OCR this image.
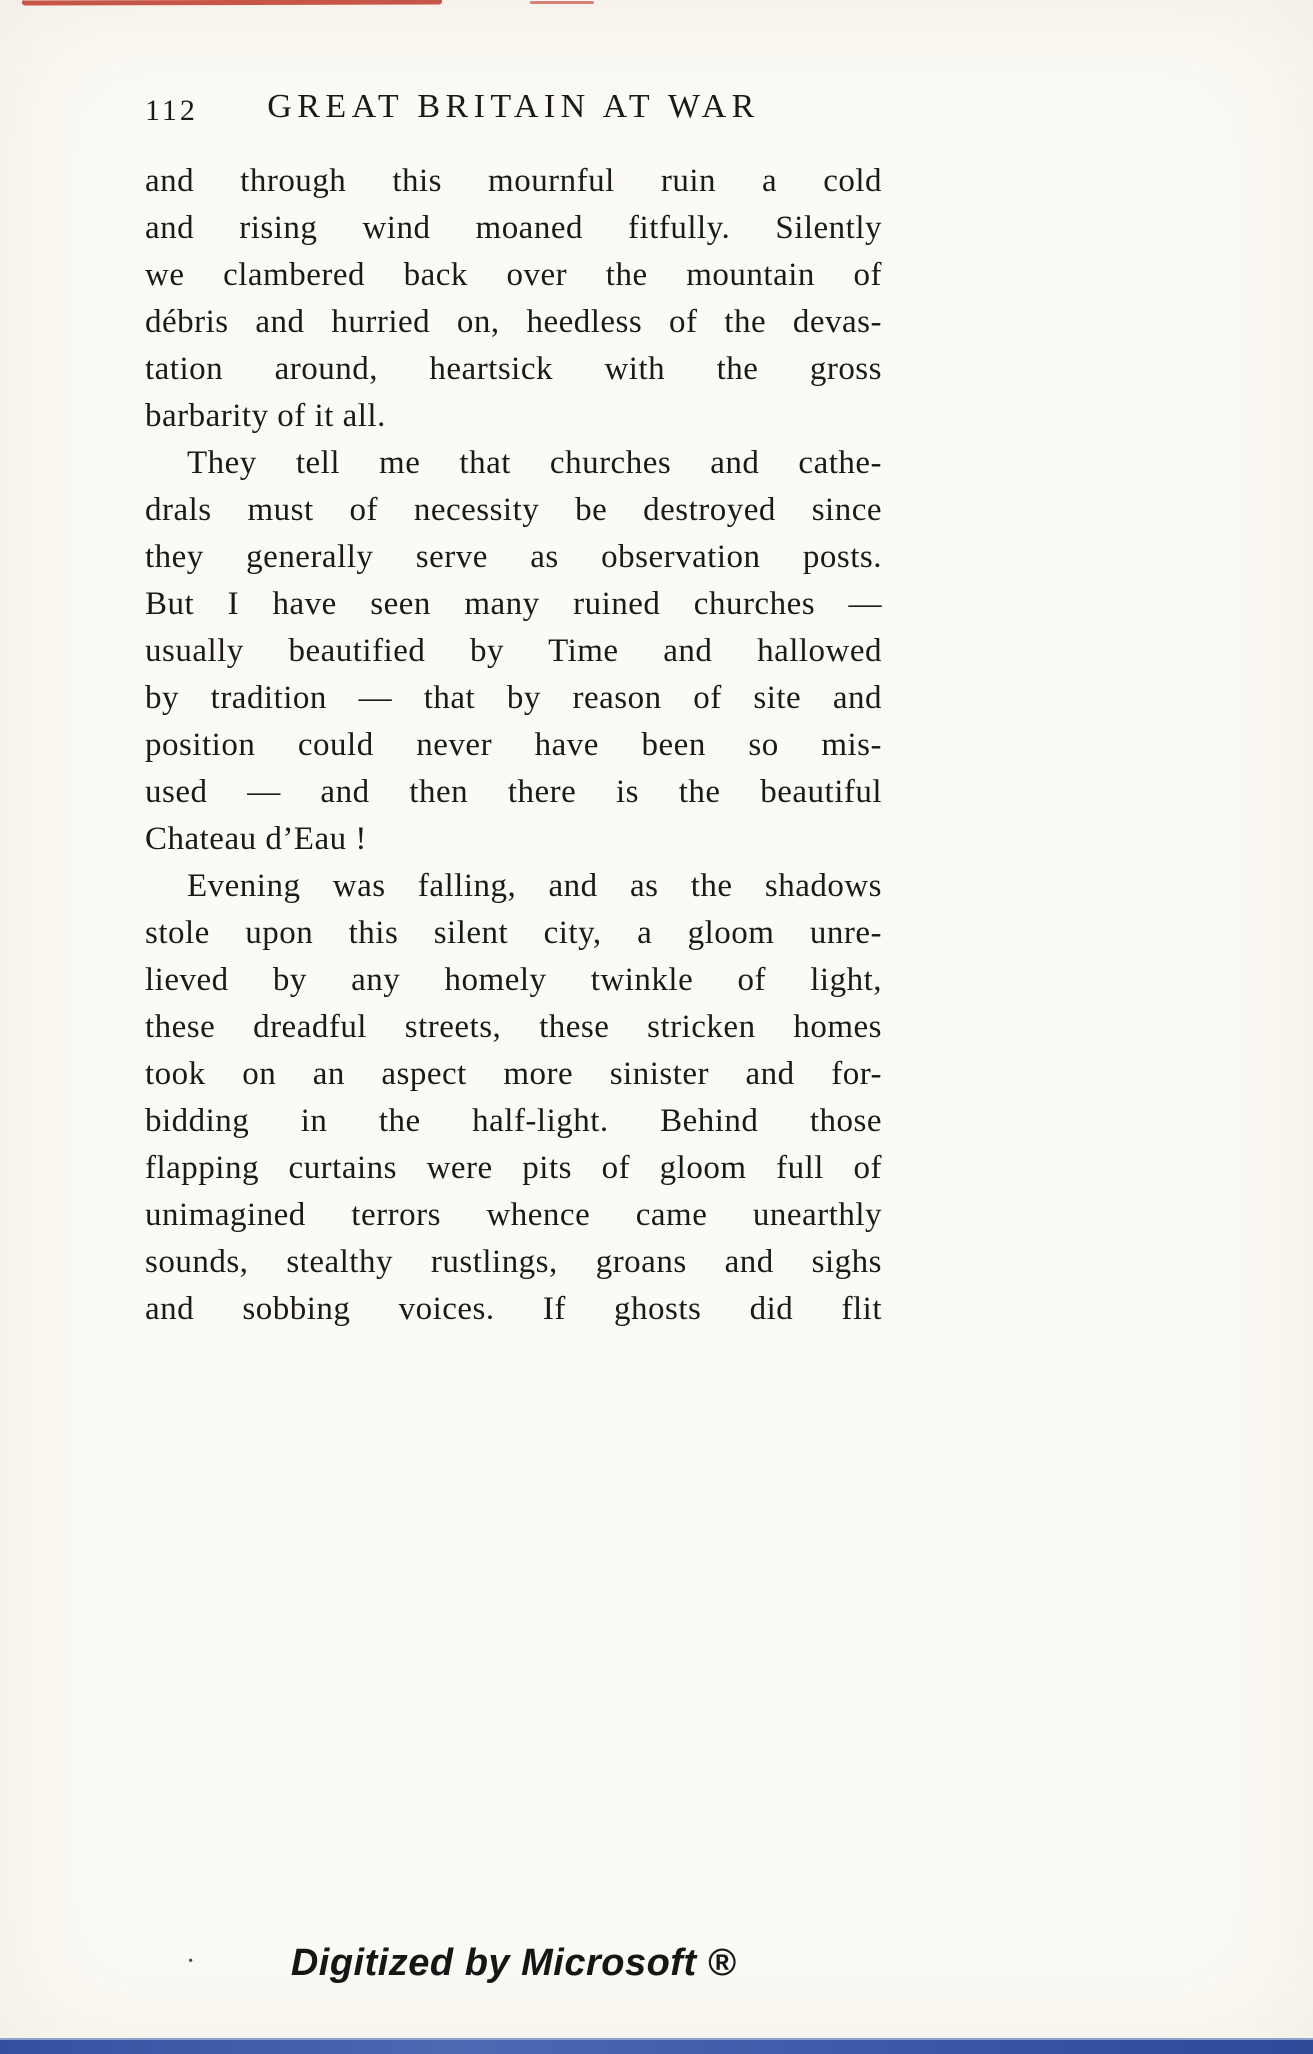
112 GREAT BRITAIN AT WAR
and through this mournful ruin a cold
and rising wind moaned fitfully. Silently
we clambered back over the mountain of
débris and hurried on, heedless of the devas-
tation around, heartsick with the gross
barbarity of it all.
They tell me that churches and cathe-
drals must of necessity be destroyed since
they generally serve as observation posts.
But I have seen many ruined churches —
usually beautified by Time and hallowed
by tradition — that by reason of site and
position could never have been so mis-
used — and then there is the beautiful
Chateau d’Eau !
Evening was falling, and as the shadows
stole upon this silent city, a gloom unre-
lieved by any homely twinkle of light,
these dreadful streets, these stricken homes
took on an aspect more sinister and for-
bidding in the half-light. Behind those
flapping curtains were pits of gloom full of
unimagined terrors whence came unearthly
sounds, stealthy rustlings, groans and sighs
and sobbing voices. If ghosts did flit
·	Digitized by Microsoft ®
